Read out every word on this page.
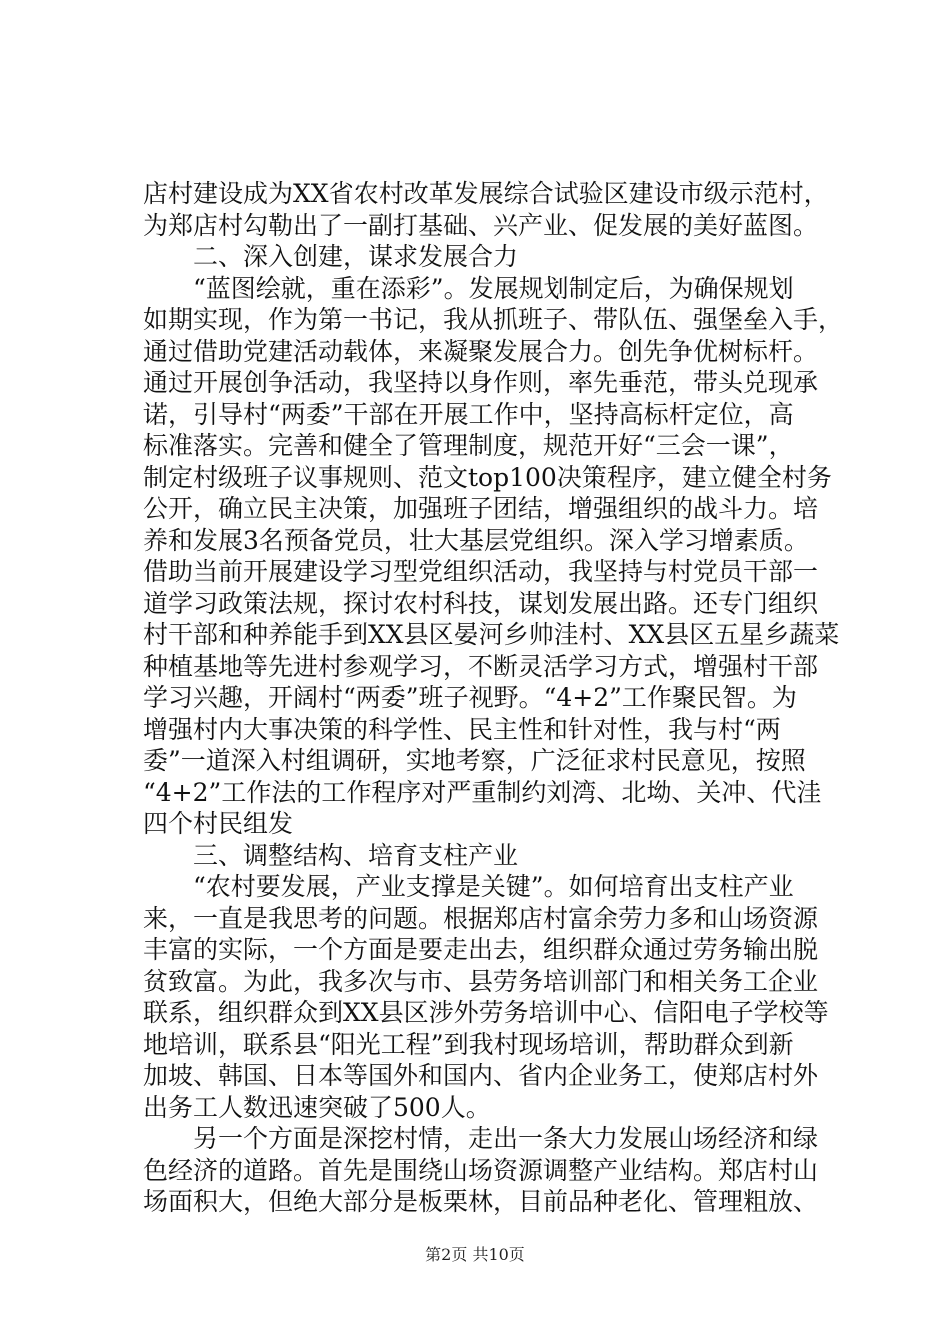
店村建设成为XX省农村改革发展综合试验区建设市级示范村，
为郑店村勾勒出了一副打基础、兴产业、促发展的美好蓝图。
　　二、深入创建，谋求发展合力
　　“蓝图绘就，重在添彩”。发展规划制定后，为确保规划
如期实现，作为第一书记，我从抓班子、带队伍、强堡垒入手，
通过借助党建活动载体，来凝聚发展合力。创先争优树标杆。
通过开展创争活动，我坚持以身作则，率先垂范，带头兑现承
诺，引导村“两委”干部在开展工作中，坚持高标杆定位，高
标准落实。完善和健全了管理制度，规范开好“三会一课”，
制定村级班子议事规则、范文top100决策程序，建立健全村务
公开，确立民主决策，加强班子团结，增强组织的战斗力。培
养和发展3名预备党员，壮大基层党组织。深入学习增素质。
借助当前开展建设学习型党组织活动，我坚持与村党员干部一
道学习政策法规，探讨农村科技，谋划发展出路。还专门组织
村干部和种养能手到XX县区晏河乡帅洼村、XX县区五星乡蔬菜
种植基地等先进村参观学习，不断灵活学习方式，增强村干部
学习兴趣，开阔村“两委”班子视野。“4+2”工作聚民智。为
增强村内大事决策的科学性、民主性和针对性，我与村“两
委”一道深入村组调研，实地考察，广泛征求村民意见，按照
“4+2”工作法的工作程序对严重制约刘湾、北坳、关冲、代洼
四个村民组发
　　三、调整结构、培育支柱产业
　　“农村要发展，产业支撑是关键”。如何培育出支柱产业
来，一直是我思考的问题。根据郑店村富余劳力多和山场资源
丰富的实际，一个方面是要走出去，组织群众通过劳务输出脱
贫致富。为此，我多次与市、县劳务培训部门和相关务工企业
联系，组织群众到XX县区涉外劳务培训中心、信阳电子学校等
地培训，联系县“阳光工程”到我村现场培训，帮助群众到新
加坡、韩国、日本等国外和国内、省内企业务工，使郑店村外
出务工人数迅速突破了500人。
　　另一个方面是深挖村情，走出一条大力发展山场经济和绿
色经济的道路。首先是围绕山场资源调整产业结构。郑店村山
场面积大，但绝大部分是板栗林，目前品种老化、管理粗放、
第2页 共10页
